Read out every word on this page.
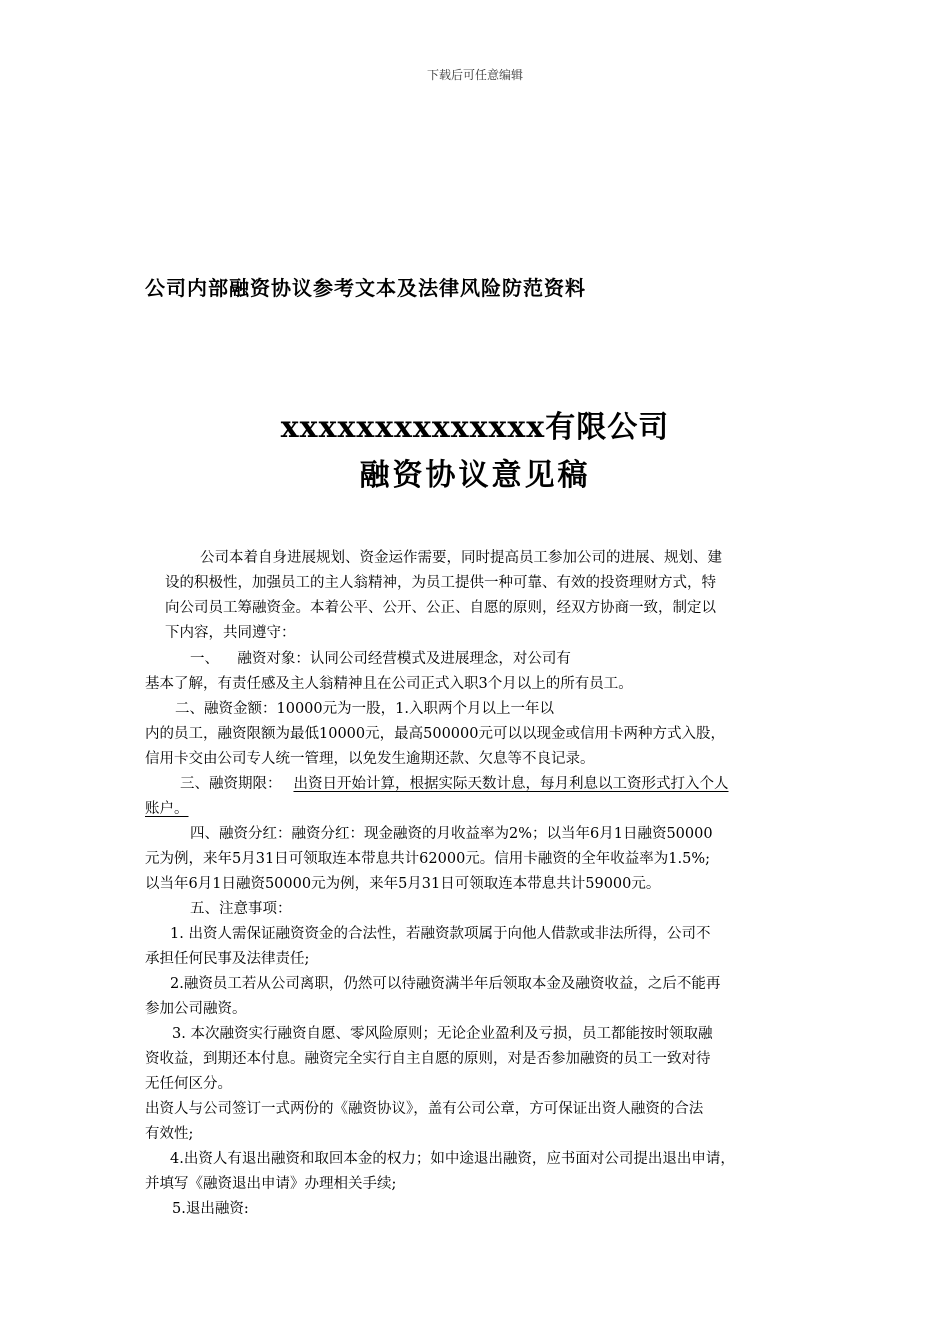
下载后可任意编辑
公司内部融资协议参考文本及法律风险防范资料
xxxxxxxxxxxxxx有限公司
融资协议意见稿
公司本着自身进展规划、资金运作需要，同时提高员工参加公司的进展、规划、建
设的积极性，加强员工的主人翁精神，为员工提供一种可靠、有效的投资理财方式，特
向公司员工筹融资金。本着公平、公开、公正、自愿的原则，经双方协商一致，制定以
下内容，共同遵守：
一、    融资对象：认同公司经营模式及进展理念，对公司有
基本了解，有责任感及主人翁精神且在公司正式入职3个月以上的所有员工。
二、融资金额：10000元为一股，1.入职两个月以上一年以
内的员工，融资限额为最低10000元，最高500000元可以以现金或信用卡两种方式入股，
信用卡交由公司专人统一管理，以免发生逾期还款、欠息等不良记录。
三、融资期限： 出资日开始计算，根据实际天数计息，每月利息以工资形式打入个人
账户。
四、融资分红：融资分红：现金融资的月收益率为2%；以当年6月1日融资50000
元为例，来年5月31日可领取连本带息共计62000元。信用卡融资的全年收益率为1.5%;
以当年6月1日融资50000元为例，来年5月31日可领取连本带息共计59000元。
五、注意事项：
1. 出资人需保证融资资金的合法性，若融资款项属于向他人借款或非法所得，公司不
承担任何民事及法律责任;
2.融资员工若从公司离职，仍然可以待融资满半年后领取本金及融资收益，之后不能再
参加公司融资。
3. 本次融资实行融资自愿、零风险原则；无论企业盈利及亏损，员工都能按时领取融
资收益，到期还本付息。融资完全实行自主自愿的原则，对是否参加融资的员工一致对待
无任何区分。
出资人与公司签订一式两份的《融资协议》，盖有公司公章，方可保证出资人融资的合法
有效性;
4.出资人有退出融资和取回本金的权力；如中途退出融资，应书面对公司提出退出申请，
并填写《融资退出申请》办理相关手续;
5.退出融资:
